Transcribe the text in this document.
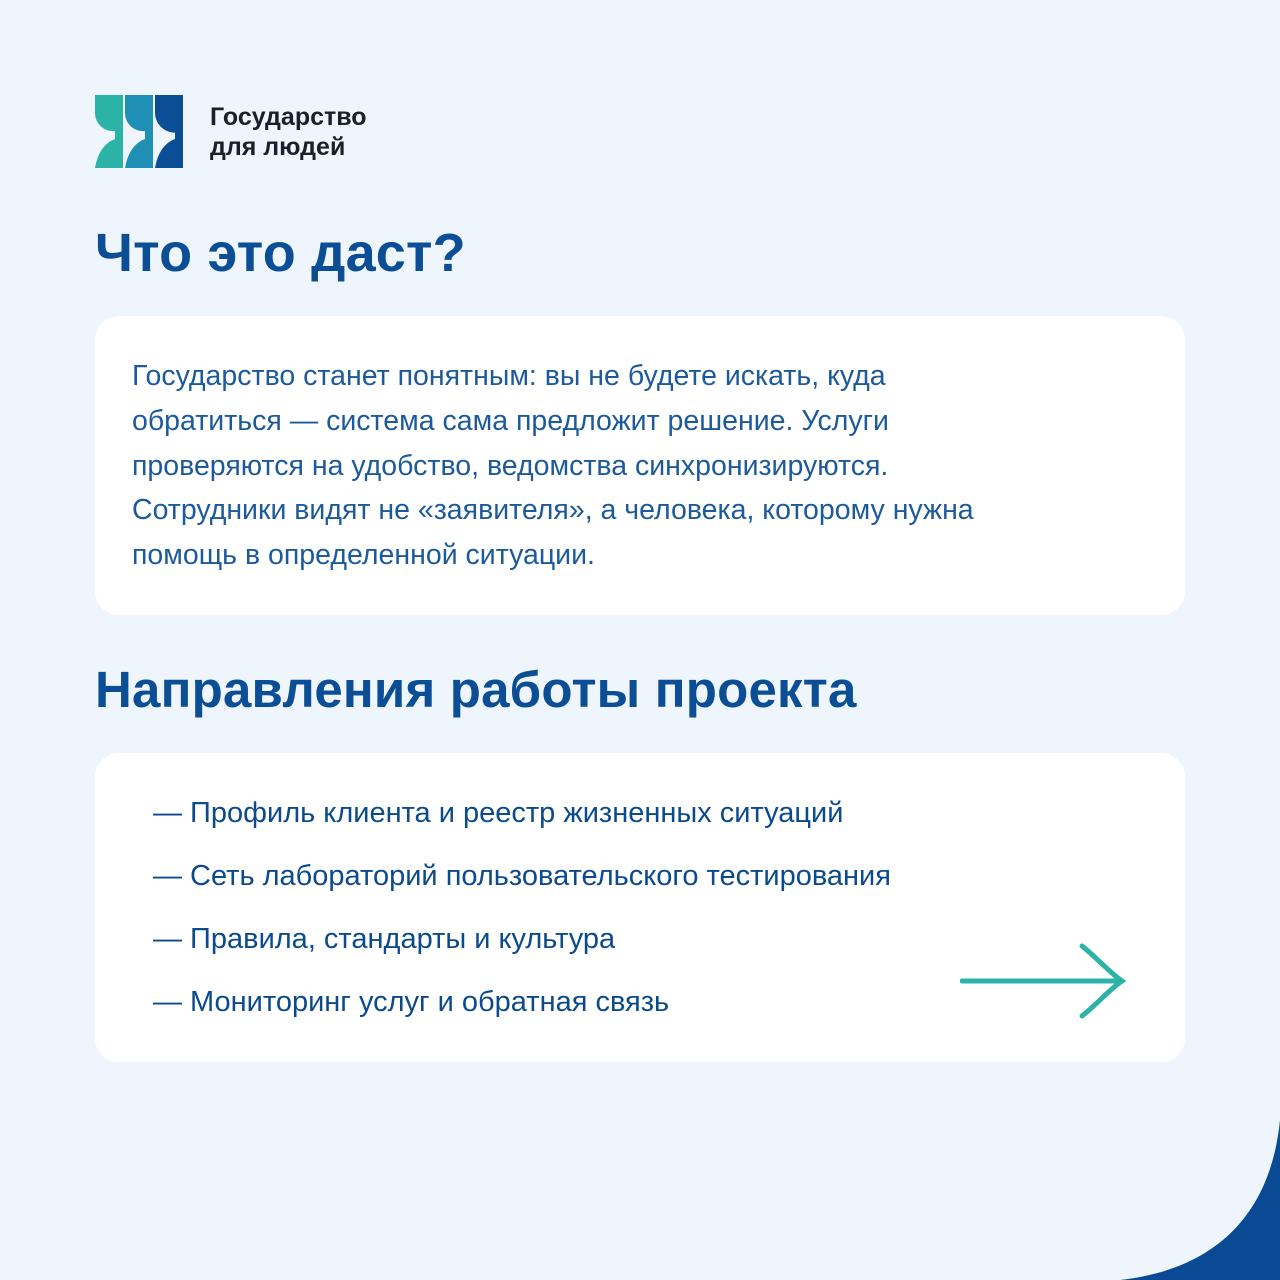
Государство
для людей
Что это даст?
Государство станет понятным: вы не будете искать, куда
обратиться — система сама предложит решение. Услуги
проверяются на удобство, ведомства синхронизируются.
Сотрудники видят не «заявителя», а человека, которому нужна
помощь в определенной ситуации.
Направления работы проекта
— Профиль клиента и реестр жизненных ситуаций
— Сеть лабораторий пользовательского тестирования
— Правила, стандарты и культура
— Мониторинг услуг и обратная связь
